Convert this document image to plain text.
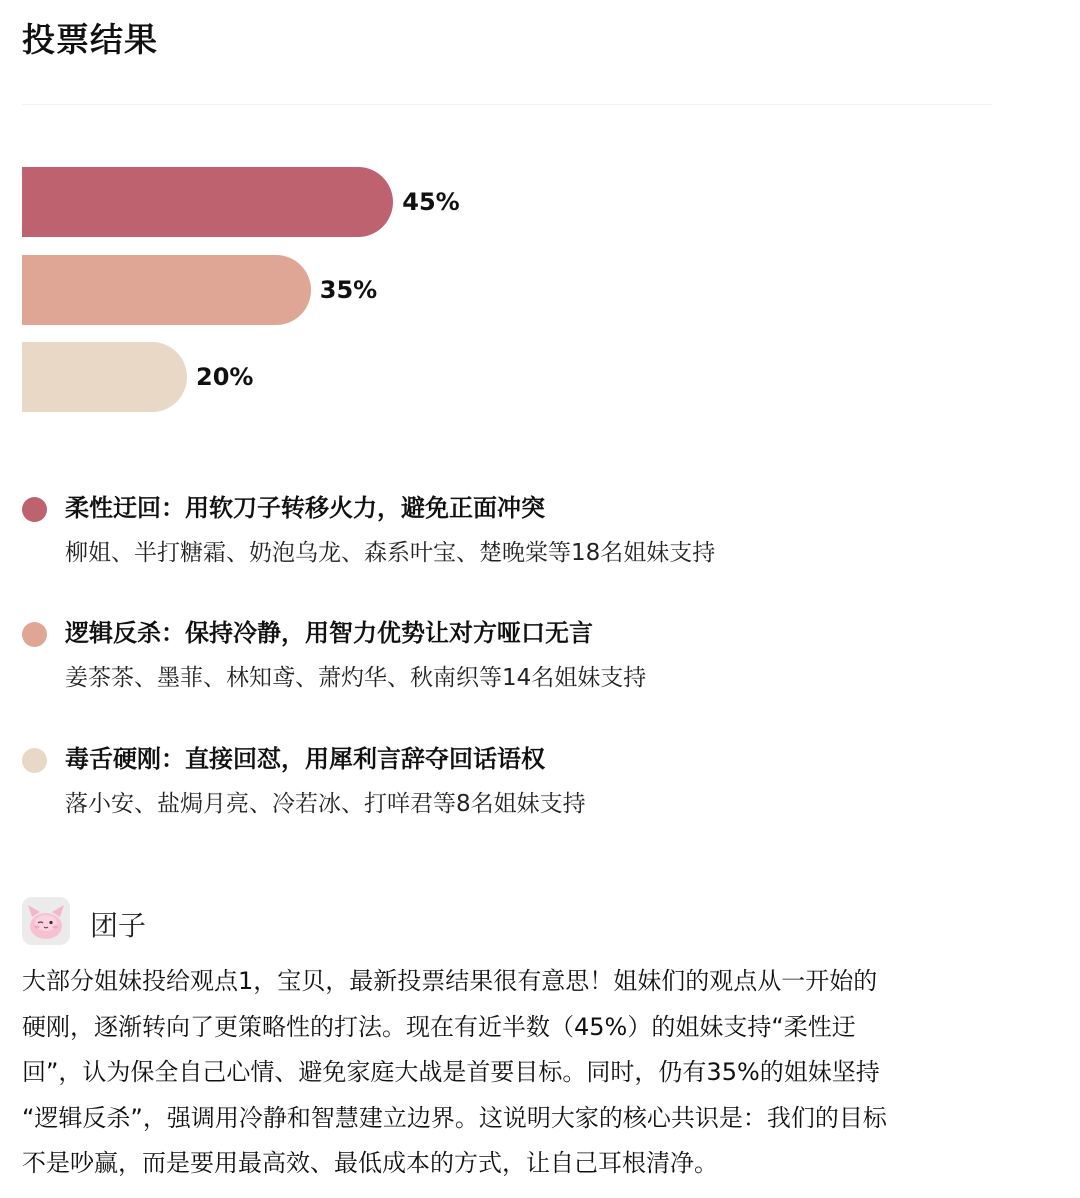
投票结果
45%
35%
20%
柔性迂回：用软刀子转移火力，避免正面冲突
柳姐、半打糖霜、奶泡乌龙、森系叶宝、楚晚棠等18名姐妹支持
逻辑反杀：保持冷静，用智力优势让对方哑口无言
姜茶茶、墨菲、林知鸢、萧灼华、秋南织等14名姐妹支持
毒舌硬刚：直接回怼，用犀利言辞夺回话语权
落小安、盐焗月亮、冷若冰、打咩君等8名姐妹支持
团子

大部分姐妹投给观点1，宝贝，最新投票结果很有意思！姐妹们的观点从一开始的
硬刚，逐渐转向了更策略性的打法。现在有近半数（45%）的姐妹支持“柔性迂
回”，认为保全自己心情、避免家庭大战是首要目标。同时，仍有35%的姐妹坚持
“逻辑反杀”，强调用冷静和智慧建立边界。这说明大家的核心共识是：我们的目标
不是吵赢，而是要用最高效、最低成本的方式，让自己耳根清净。
